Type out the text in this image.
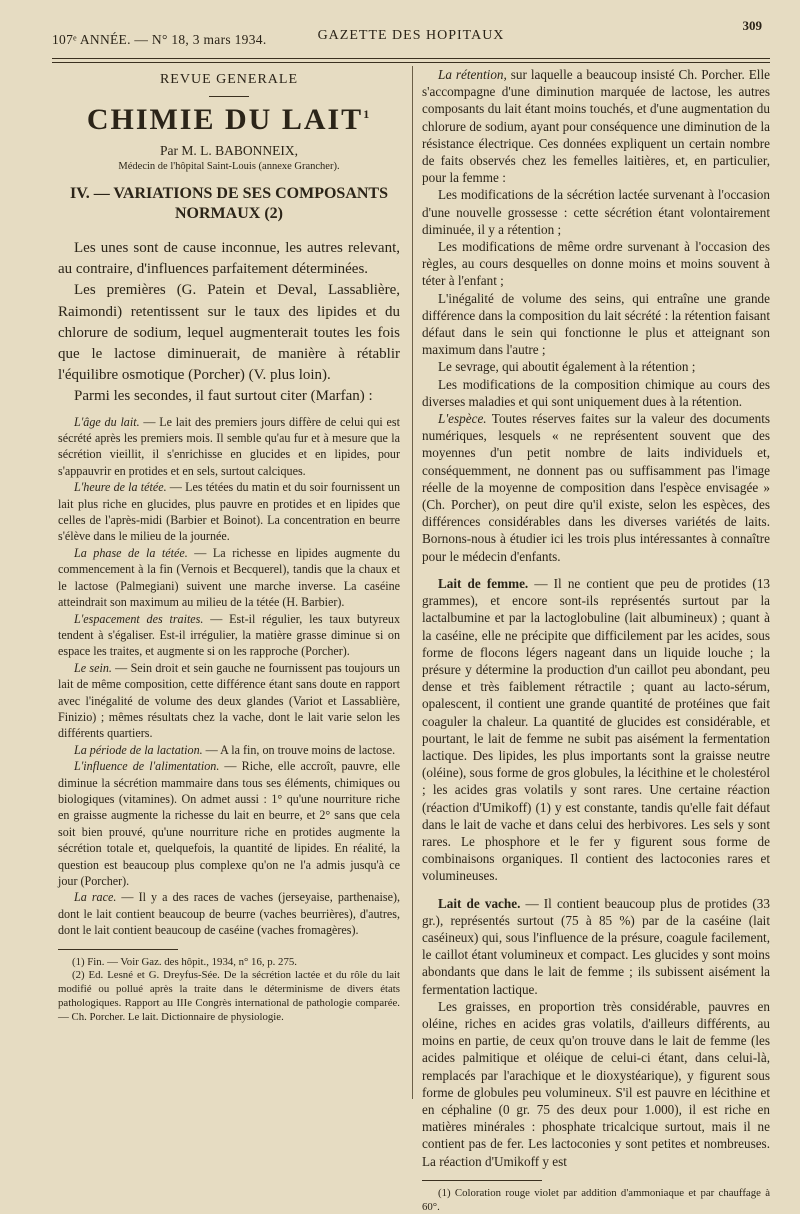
107ᵉ ANNÉE. — N° 18, 3 mars 1934.	GAZETTE DES HOPITAUX
309
REVUE GENERALE
CHIMIE DU LAIT$^1$
Par M. L. BABONNEIX,
Médecin de l'hôpital Saint-Louis (annexe Grancher).
IV. — VARIATIONS DE SES COMPOSANTS NORMAUX (2)

Les unes sont de cause inconnue, les autres relevant, au contraire, d'influences parfaitement déterminées.

Les premières (G. Patein et Deval, Lassablière, Raimondi) retentissent sur le taux des lipides et du chlorure de sodium, lequel augmenterait toutes les fois que le lactose diminuerait, de manière à rétablir l'équilibre osmotique (Porcher) (V. plus loin).

Parmi les secondes, il faut surtout citer (Marfan) :

L'âge du lait. — Le lait des premiers jours diffère de celui qui est sécrété après les premiers mois. Il semble qu'au fur et à mesure que la sécrétion vieillit, il s'enrichisse en glucides et en lipides, pour s'appauvrir en protides et en sels, surtout calciques.

L'heure de la tétée. — Les tétées du matin et du soir fournissent un lait plus riche en glucides, plus pauvre en protides et en lipides que celles de l'après-midi (Barbier et Boinot). La concentration en beurre s'élève dans le milieu de la journée.

La phase de la tétée. — La richesse en lipides augmente du commencement à la fin (Vernois et Becquerel), tandis que la chaux et le lactose (Palmegiani) suivent une marche inverse. La caséine atteindrait son maximum au milieu de la tétée (H. Barbier).

L'espacement des traites. — Est-il régulier, les taux butyreux tendent à s'égaliser. Est-il irrégulier, la matière grasse diminue si on espace les traites, et augmente si on les rapproche (Porcher).

Le sein. — Sein droit et sein gauche ne fournissent pas toujours un lait de même composition, cette différence étant sans doute en rapport avec l'inégalité de volume des deux glandes (Variot et Lassablière, Finizio) ; mêmes résultats chez la vache, dont le lait varie selon les différents quartiers.

La période de la lactation. — A la fin, on trouve moins de lactose.

L'influence de l'alimentation. — Riche, elle accroît, pauvre, elle diminue la sécrétion mammaire dans tous ses éléments, chimiques ou biologiques (vitamines). On admet aussi : 1° qu'une nourriture riche en graisse augmente la richesse du lait en beurre, et 2° sans que cela soit bien prouvé, qu'une nourriture riche en protides augmente la sécrétion totale et, quelquefois, la quantité de lipides. En réalité, la question est beaucoup plus complexe qu'on ne l'a admis jusqu'à ce jour (Porcher).

La race. — Il y a des races de vaches (jerseyaise, parthenaise), dont le lait contient beaucoup de beurre (vaches beurrières), d'autres, dont le lait contient beaucoup de caséine (vaches fromagères).

(1) Fin. — Voir Gaz. des hôpit., 1934, n° 16, p. 275.

(2) Ed. Lesné et G. Dreyfus-Sée. De la sécrétion lactée et du rôle du lait modifié ou pollué après la traite dans le déterminisme de divers états pathologiques. Rapport au IIIe Congrès international de pathologie comparée. — Ch. Porcher. Le lait. Dictionnaire de physiologie.

La rétention, sur laquelle a beaucoup insisté Ch. Porcher. Elle s'accompagne d'une diminution marquée de lactose, les autres composants du lait étant moins touchés, et d'une augmentation du chlorure de sodium, ayant pour conséquence une diminution de la résistance électrique. Ces données expliquent un certain nombre de faits observés chez les femelles laitières, et, en particulier, pour la femme :

Les modifications de la sécrétion lactée survenant à l'occasion d'une nouvelle grossesse : cette sécrétion étant volontairement diminuée, il y a rétention ;

Les modifications de même ordre survenant à l'occasion des règles, au cours desquelles on donne moins et moins souvent à téter à l'enfant ;

L'inégalité de volume des seins, qui entraîne une grande différence dans la composition du lait sécrété : la rétention faisant défaut dans le sein qui fonctionne le plus et atteignant son maximum dans l'autre ;

Le sevrage, qui aboutit également à la rétention ;

Les modifications de la composition chimique au cours des diverses maladies et qui sont uniquement dues à la rétention.

L'espèce. Toutes réserves faites sur la valeur des documents numériques, lesquels « ne représentent souvent que des moyennes d'un petit nombre de laits individuels et, conséquemment, ne donnent pas ou suffisamment pas l'image réelle de la moyenne de composition dans l'espèce envisagée » (Ch. Porcher), on peut dire qu'il existe, selon les espèces, des différences considérables dans les diverses variétés de laits. Bornons-nous à étudier ici les trois plus intéressantes à connaître pour le médecin d'enfants.

Lait de femme. — Il ne contient que peu de protides (13 grammes), et encore sont-ils représentés surtout par la lactalbumine et par la lactoglobuline (lait albumineux) ; quant à la caséine, elle ne précipite que difficilement par les acides, sous forme de flocons légers nageant dans un liquide louche ; la présure y détermine la production d'un caillot peu abondant, peu dense et très faiblement rétractile ; quant au lacto-sérum, opalescent, il contient une grande quantité de protéines que fait coaguler la chaleur. La quantité de glucides est considérable, et pourtant, le lait de femme ne subit pas aisément la fermentation lactique. Des lipides, les plus importants sont la graisse neutre (oléine), sous forme de gros globules, la lécithine et le cholestérol ; les acides gras volatils y sont rares. Une certaine réaction (réaction d'Umikoff) (1) y est constante, tandis qu'elle fait défaut dans le lait de vache et dans celui des herbivores. Les sels y sont rares. Le phosphore et le fer y figurent sous forme de combinaisons organiques. Il contient des lactoconies rares et volumineuses.

Lait de vache. — Il contient beaucoup plus de protides (33 gr.), représentés surtout (75 à 85 %) par de la caséine (lait caséineux) qui, sous l'influence de la présure, coagule facilement, le caillot étant volumineux et compact. Les glucides y sont moins abondants que dans le lait de femme ; ils subissent aisément la fermentation lactique.

Les graisses, en proportion très considérable, pauvres en oléine, riches en acides gras volatils, d'ailleurs différents, au moins en partie, de ceux qu'on trouve dans le lait de femme (les acides palmitique et oléique de celui-ci étant, dans celui-là, remplacés par l'arachique et le dioxystéarique), y figurent sous forme de globules peu volumineux. S'il est pauvre en lécithine et en céphaline (0 gr. 75 des deux pour 1.000), il est riche en matières minérales : phosphate tricalcique surtout, mais il ne contient pas de fer. Les lactoconies y sont petites et nombreuses. La réaction d'Umikoff y est

(1) Coloration rouge violet par addition d'ammoniaque et par chauffage à 60°.
